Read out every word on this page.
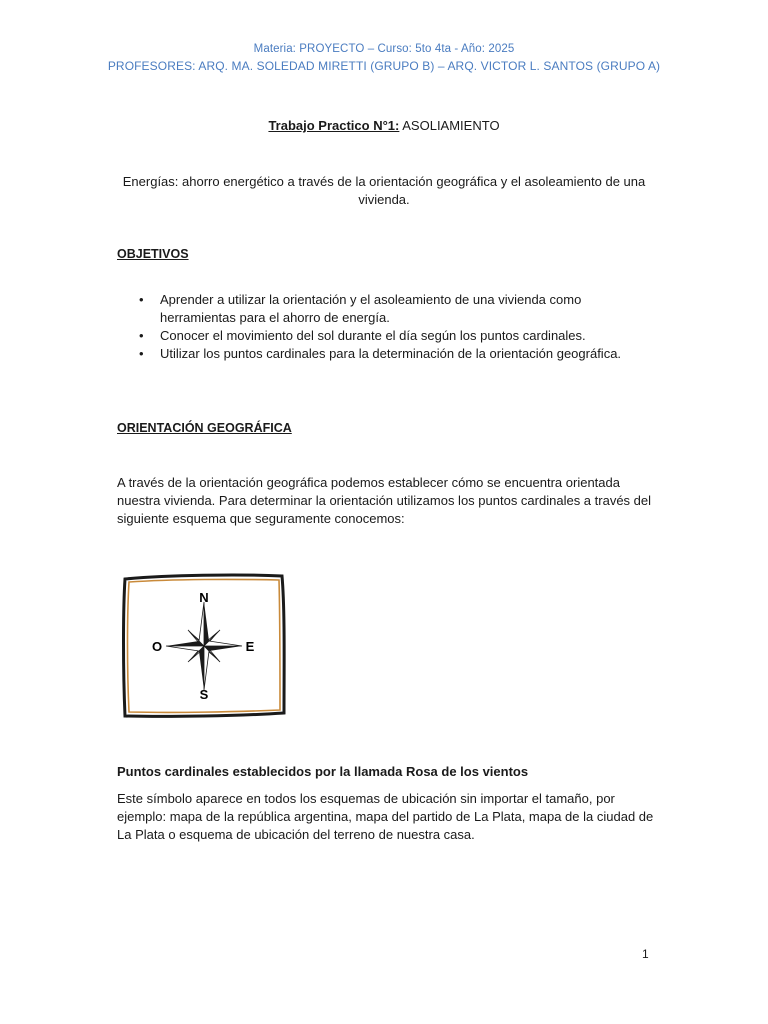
Materia: PROYECTO – Curso: 5to 4ta - Año: 2025
PROFESORES: ARQ. MA. SOLEDAD MIRETTI (GRUPO B) – ARQ. VICTOR L. SANTOS (GRUPO A)
Trabajo Practico N°1: ASOLIAMIENTO
Energías: ahorro energético a través de la orientación geográfica y el asoleamiento de una vivienda.
OBJETIVOS
• Aprender a utilizar la orientación y el asoleamiento de una vivienda como herramientas para el ahorro de energía.
• Conocer el movimiento del sol durante el día según los puntos cardinales.
• Utilizar los puntos cardinales para la determinación de la orientación geográfica.
ORIENTACIÓN GEOGRÁFICA
A través de la orientación geográfica podemos establecer cómo se encuentra orientada nuestra vivienda. Para determinar la orientación utilizamos los puntos cardinales a través del siguiente esquema que seguramente conocemos:
N
S
E
O
Puntos cardinales establecidos por la llamada Rosa de los vientos
Este símbolo aparece en todos los esquemas de ubicación sin importar el tamaño, por ejemplo: mapa de la república argentina, mapa del partido de La Plata, mapa de la ciudad de La Plata o esquema de ubicación del terreno de nuestra casa.
1
